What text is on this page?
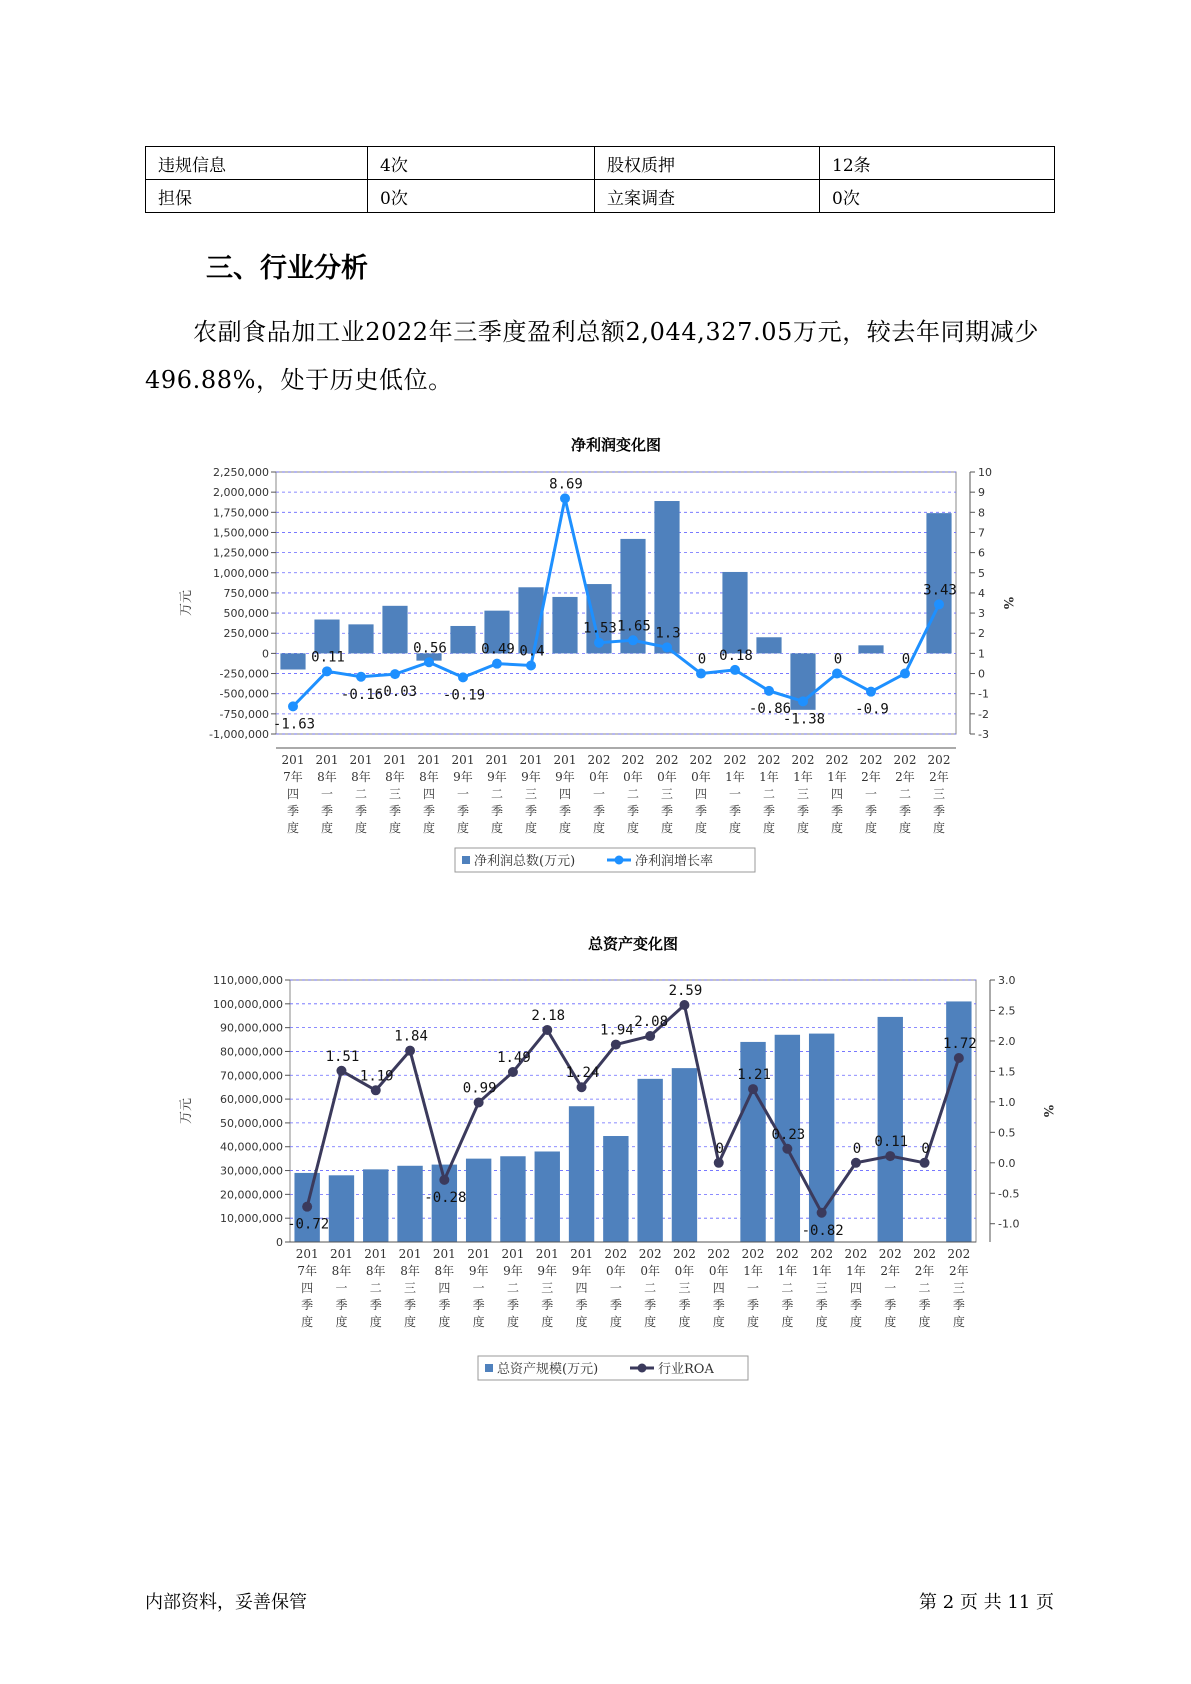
违规信息	4次	股权质押	12条
担保	0次	立案调查	0次
三、行业分析

农副食品加工业2022年三季度盈利总额2,044,327.05万元，较去年同期减少496.88%，处于历史低位。

净利润变化图
-1,000,000
-750,000
-500,000
-250,000
0
250,000
500,000
750,000
1,000,000
1,250,000
1,500,000
1,750,000
2,000,000
2,250,000
-3
-2
-1
0
1
2
3
4
5
6
7
8
9
10
万元	%
201 7年四季度
201 8年一季度
201 8年二季度
201 8年三季度
201 8年四季度
201 9年一季度
201 9年二季度
201 9年三季度
201 9年四季度
202 0年一季度
202 0年二季度
202 0年三季度
202 0年四季度
202 1年一季度
202 1年二季度
202 1年三季度
202 1年四季度
202 2年一季度
202 2年二季度
202 2年三季度
-1.63
0.11
-0.16
-0.03
0.56
-0.19
0.49 0.4
8.69
1.53 1.65 1.3
0 0.18
-0.86
-1.38
0
-0.9
0
3.43
净利润总数(万元)	净利润增长率
总资产变化图
0
10,000,000
20,000,000
30,000,000
40,000,000
50,000,000
60,000,000
70,000,000
80,000,000
90,000,000
100,000,000
110,000,000
-1.0
-0.5
0.0
0.5
1.0
1.5
2.0
2.5
3.0
万元	%
201 7年四季度
201 8年一季度
201 8年二季度
201 8年三季度
201 8年四季度
201 9年一季度
201 9年二季度
201 9年三季度
201 9年四季度
202 0年一季度
202 0年二季度
202 0年三季度
202 0年四季度
202 1年一季度
202 1年二季度
202 1年三季度
202 1年四季度
202 2年一季度
202 2年二季度
202 2年三季度
-0.72
1.51
1.19
1.84
-0.28
0.99
1.49
2.18
1.24
1.94
2.08
2.59
0
1.21
0.23
-0.82
0 0.11 0
1.72
总资产规模(万元)	行业ROA
内部资料，妥善保管	第 2 页 共 11 页
